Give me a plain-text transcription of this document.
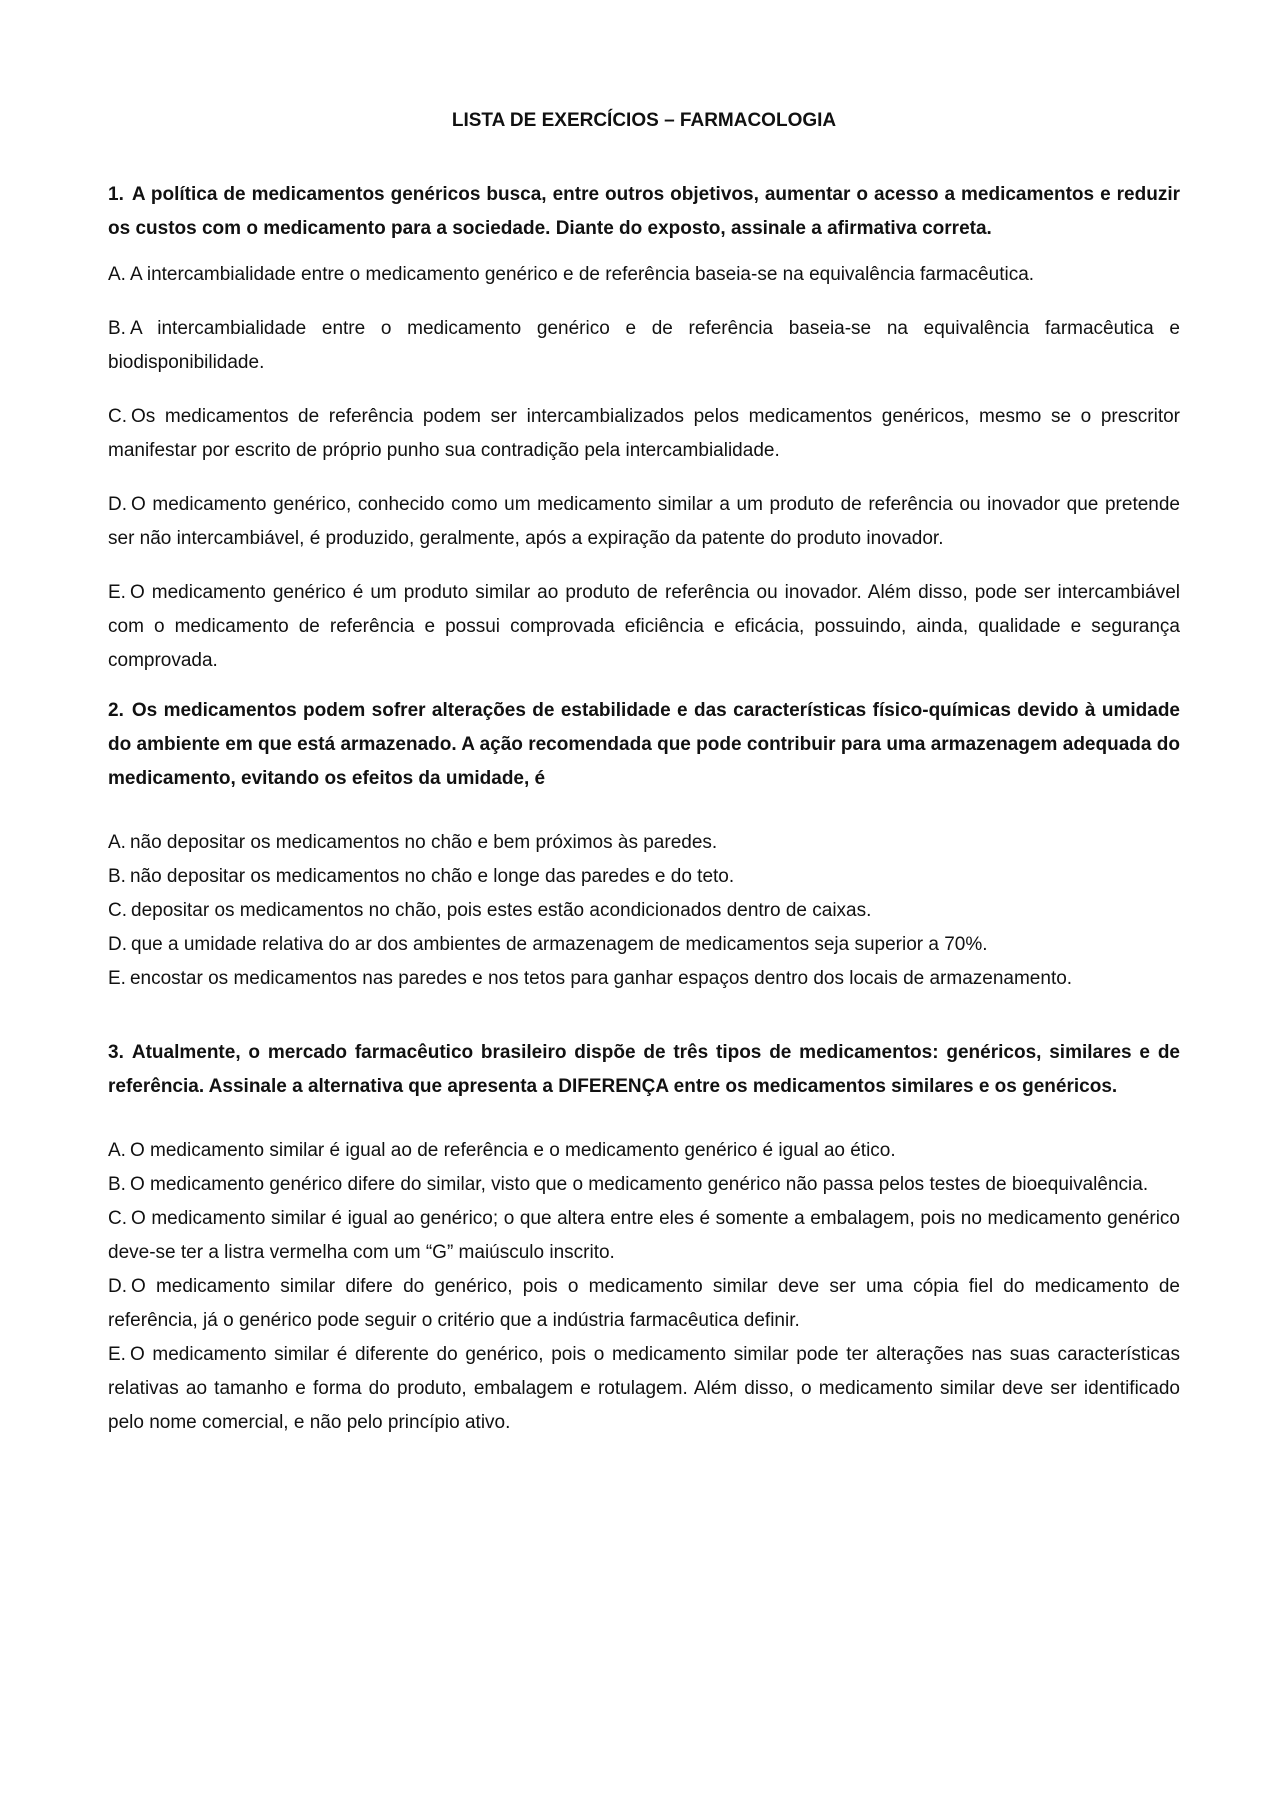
LISTA DE EXERCÍCIOS – FARMACOLOGIA

1. A política de medicamentos genéricos busca, entre outros objetivos, aumentar o acesso a medicamentos e reduzir os custos com o medicamento para a sociedade. Diante do exposto, assinale a afirmativa correta.

A. A intercambialidade entre o medicamento genérico e de referência baseia-se na equivalência farmacêutica.

B. A intercambialidade entre o medicamento genérico e de referência baseia-se na equivalência farmacêutica e biodisponibilidade.

C. Os medicamentos de referência podem ser intercambializados pelos medicamentos genéricos, mesmo se o prescritor manifestar por escrito de próprio punho sua contradição pela intercambialidade.

D. O medicamento genérico, conhecido como um medicamento similar a um produto de referência ou inovador que pretende ser não intercambiável, é produzido, geralmente, após a expiração da patente do produto inovador.

E. O medicamento genérico é um produto similar ao produto de referência ou inovador. Além disso, pode ser intercambiável com o medicamento de referência e possui comprovada eficiência e eficácia, possuindo, ainda, qualidade e segurança comprovada.

2. Os medicamentos podem sofrer alterações de estabilidade e das características físico-químicas devido à umidade do ambiente em que está armazenado. A ação recomendada que pode contribuir para uma armazenagem adequada do medicamento, evitando os efeitos da umidade, é

A. não depositar os medicamentos no chão e bem próximos às paredes.
B. não depositar os medicamentos no chão e longe das paredes e do teto.
C. depositar os medicamentos no chão, pois estes estão acondicionados dentro de caixas.
D. que a umidade relativa do ar dos ambientes de armazenagem de medicamentos seja superior a 70%.
E. encostar os medicamentos nas paredes e nos tetos para ganhar espaços dentro dos locais de armazenamento.

3. Atualmente, o mercado farmacêutico brasileiro dispõe de três tipos de medicamentos: genéricos, similares e de referência. Assinale a alternativa que apresenta a DIFERENÇA entre os medicamentos similares e os genéricos.

A. O medicamento similar é igual ao de referência e o medicamento genérico é igual ao ético.
B. O medicamento genérico difere do similar, visto que o medicamento genérico não passa pelos testes de bioequivalência.
C. O medicamento similar é igual ao genérico; o que altera entre eles é somente a embalagem, pois no medicamento genérico deve-se ter a listra vermelha com um “G” maiúsculo inscrito.
D. O medicamento similar difere do genérico, pois o medicamento similar deve ser uma cópia fiel do medicamento de referência, já o genérico pode seguir o critério que a indústria farmacêutica definir.
E. O medicamento similar é diferente do genérico, pois o medicamento similar pode ter alterações nas suas características relativas ao tamanho e forma do produto, embalagem e rotulagem. Além disso, o medicamento similar deve ser identificado pelo nome comercial, e não pelo princípio ativo.
